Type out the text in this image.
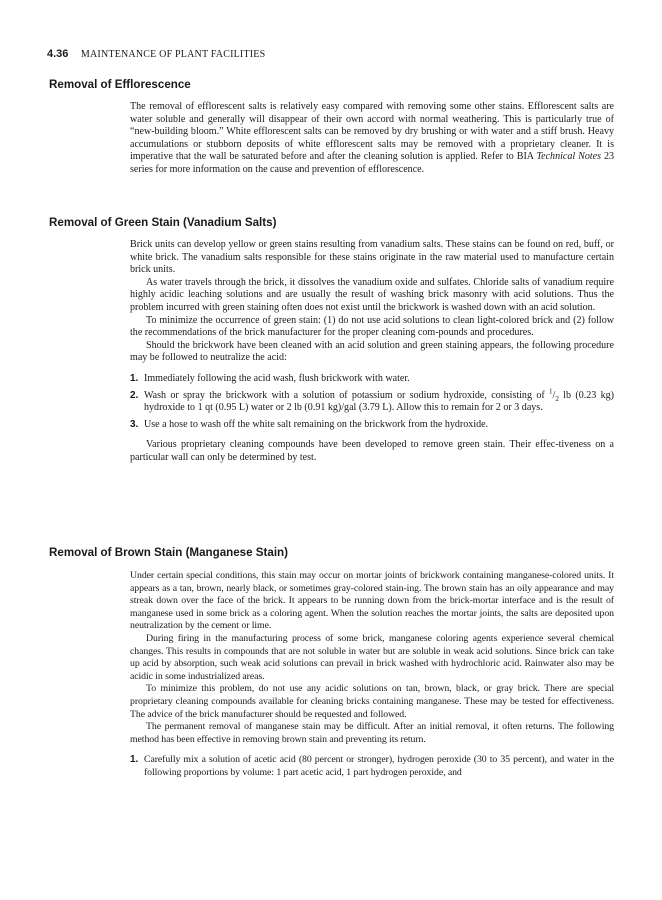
4.36 MAINTENANCE OF PLANT FACILITIES
Removal of Efflorescence

The removal of efflorescent salts is relatively easy compared with removing some other stains. Efflorescent salts are water soluble and generally will disappear of their own accord with normal weathering. This is particularly true of “new-building bloom.” White efflorescent salts can be removed by dry brushing or with water and a stiff brush. Heavy accumulations or stubborn deposits of white efflorescent salts may be removed with a proprietary cleaner. It is imperative that the wall be saturated before and after the cleaning solution is applied. Refer to BIA Technical Notes 23 series for more information on the cause and prevention of efflorescence.

Removal of Green Stain (Vanadium Salts)

Brick units can develop yellow or green stains resulting from vanadium salts. These stains can be found on red, buff, or white brick. The vanadium salts responsible for these stains originate in the raw material used to manufacture certain brick units.

As water travels through the brick, it dissolves the vanadium oxide and sulfates. Chloride salts of vanadium require highly acidic leaching solutions and are usually the result of washing brick masonry with acid solutions. Thus the problem incurred with green staining often does not exist until the brickwork is washed down with an acid solution.

To minimize the occurrence of green stain: (1) do not use acid solutions to clean light-colored brick and (2) follow the recommendations of the brick manufacturer for the proper cleaning com-pounds and procedures.

Should the brickwork have been cleaned with an acid solution and green staining appears, the following procedure may be followed to neutralize the acid:

1. Immediately following the acid wash, flush brickwork with water.
2. Wash or spray the brickwork with a solution of potassium or sodium hydroxide, consisting of $^1/_2$ lb (0.23 kg) hydroxide to 1 qt (0.95 L) water or 2 lb (0.91 kg)/gal (3.79 L). Allow this to remain for 2 or 3 days.
3. Use a hose to wash off the white salt remaining on the brickwork from the hydroxide.

Various proprietary cleaning compounds have been developed to remove green stain. Their effec-tiveness on a particular wall can only be determined by test.

Removal of Brown Stain (Manganese Stain)

Under certain special conditions, this stain may occur on mortar joints of brickwork containing manganese-colored units. It appears as a tan, brown, nearly black, or sometimes gray-colored stain-ing. The brown stain has an oily appearance and may streak down over the face of the brick. It appears to be running down from the brick-mortar interface and is the result of manganese used in some brick as a coloring agent. When the solution reaches the mortar joints, the salts are deposited upon neutralization by the cement or lime.

During firing in the manufacturing process of some brick, manganese coloring agents experience several chemical changes. This results in compounds that are not soluble in water but are soluble in weak acid solutions. Since brick can take up acid by absorption, such weak acid solutions can prevail in brick washed with hydrochloric acid. Rainwater also may be acidic in some industrialized areas.

To minimize this problem, do not use any acidic solutions on tan, brown, black, or gray brick. There are special proprietary cleaning compounds available for cleaning bricks containing manganese. These may be tested for effectiveness. The advice of the brick manufacturer should be requested and followed.

The permanent removal of manganese stain may be difficult. After an initial removal, it often returns. The following method has been effective in removing brown stain and preventing its return.

1. Carefully mix a solution of acetic acid (80 percent or stronger), hydrogen peroxide (30 to 35 percent), and water in the following proportions by volume: 1 part acetic acid, 1 part hydrogen peroxide, and
